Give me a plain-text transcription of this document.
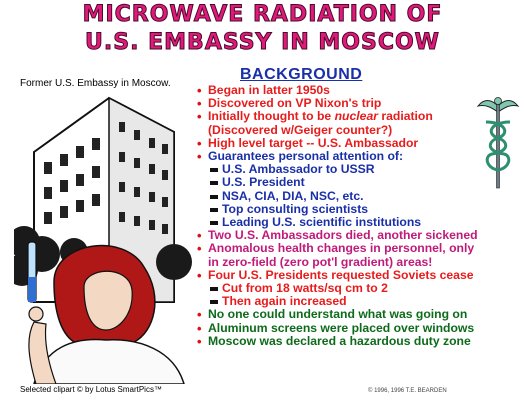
MICROWAVE RADIATION OF
U.S. EMBASSY IN MOSCOW
Former U.S. Embassy in Moscow.
BACKGROUND
• Began in latter 1950s
• Discovered on VP Nixon's trip
• Initially thought to be nuclear radiation
(Discovered w/Geiger counter?)
• High level target -- U.S. Ambassador
• Guarantees personal attention of:
U.S. Ambassador to USSR
U.S. President
NSA, CIA, DIA, NSC, etc.
Top consulting scientists
Leading U.S. scientific institutions
• Two U.S. Ambassadors died, another sickened
• Anomalous health changes in personnel, only
in zero-field (zero pot'l gradient) areas!
• Four U.S. Presidents requested Soviets cease
Cut from 18 watts/sq cm to 2
Then again increased
• No one could understand what was going on
• Aluminum screens were placed over windows
• Moscow was declared a hazardous duty zone
Selected clipart © by Lotus SmartPics™	© 1996, 1996 T.E. BEARDEN
